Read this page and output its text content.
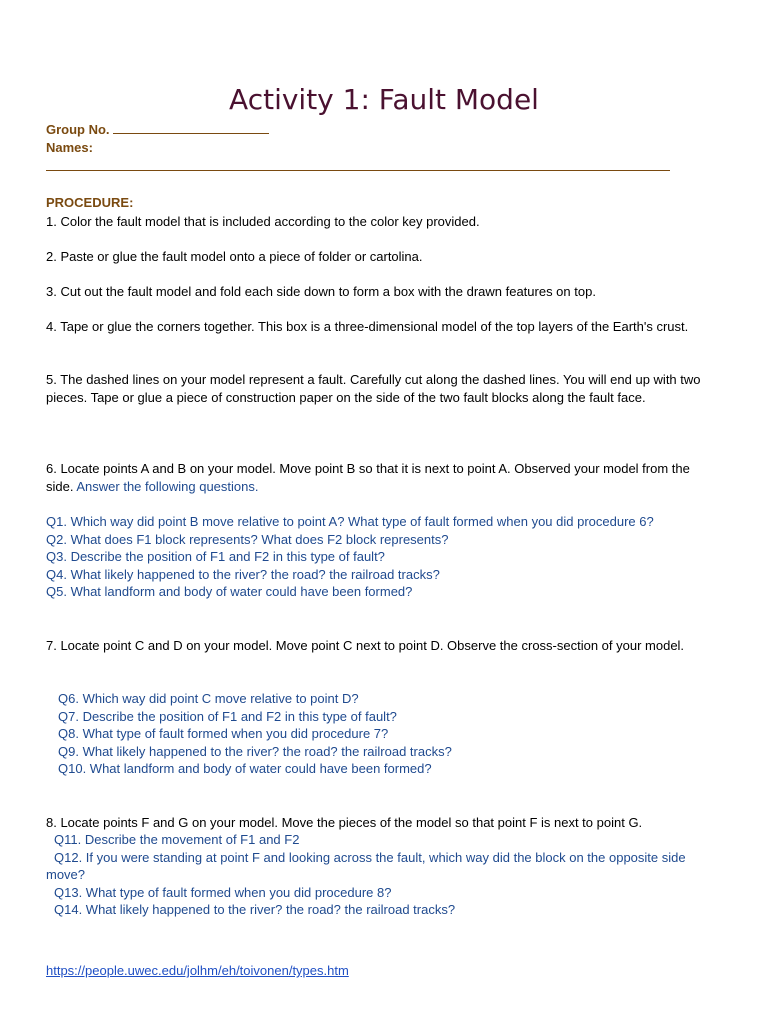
Activity 1: Fault Model
Group No.
Names:
PROCEDURE:
1. Color the fault model that is included according to the color key provided.
2. Paste or glue the fault model onto a piece of folder or cartolina.
3. Cut out the fault model and fold each side down to form a box with the drawn features on top.
4. Tape or glue the corners together. This box is a three-dimensional model of the top layers of the Earth's crust.
5. The dashed lines on your model represent a fault. Carefully cut along the dashed lines. You will end up with two pieces. Tape or glue a piece of construction paper on the side of the two fault blocks along the fault face.
6. Locate points A and B on your model. Move point B so that it is next to point A. Observed your model from the side. Answer the following questions.
Q1. Which way did point B move relative to point A? What type of fault formed when you did procedure 6?
Q2. What does F1 block represents? What does F2 block represents?
Q3. Describe the position of F1 and F2 in this type of fault?
Q4. What likely happened to the river? the road? the railroad tracks?
Q5. What landform and body of water could have been formed?
7. Locate point C and D on your model. Move point C next to point D. Observe the cross-section of your model.
Q6. Which way did point C move relative to point D?
Q7. Describe the position of F1 and F2 in this type of fault?
Q8. What type of fault formed when you did procedure 7?
Q9. What likely happened to the river? the road? the railroad tracks?
Q10. What landform and body of water could have been formed?
8. Locate points F and G on your model. Move the pieces of the model so that point F is next to point G.
Q11. Describe the movement of F1 and F2
Q12. If you were standing at point F and looking across the fault, which way did the block on the opposite side move?
Q13. What type of fault formed when you did procedure 8?
Q14. What likely happened to the river? the road? the railroad tracks?
https://people.uwec.edu/jolhm/eh/toivonen/types.htm
